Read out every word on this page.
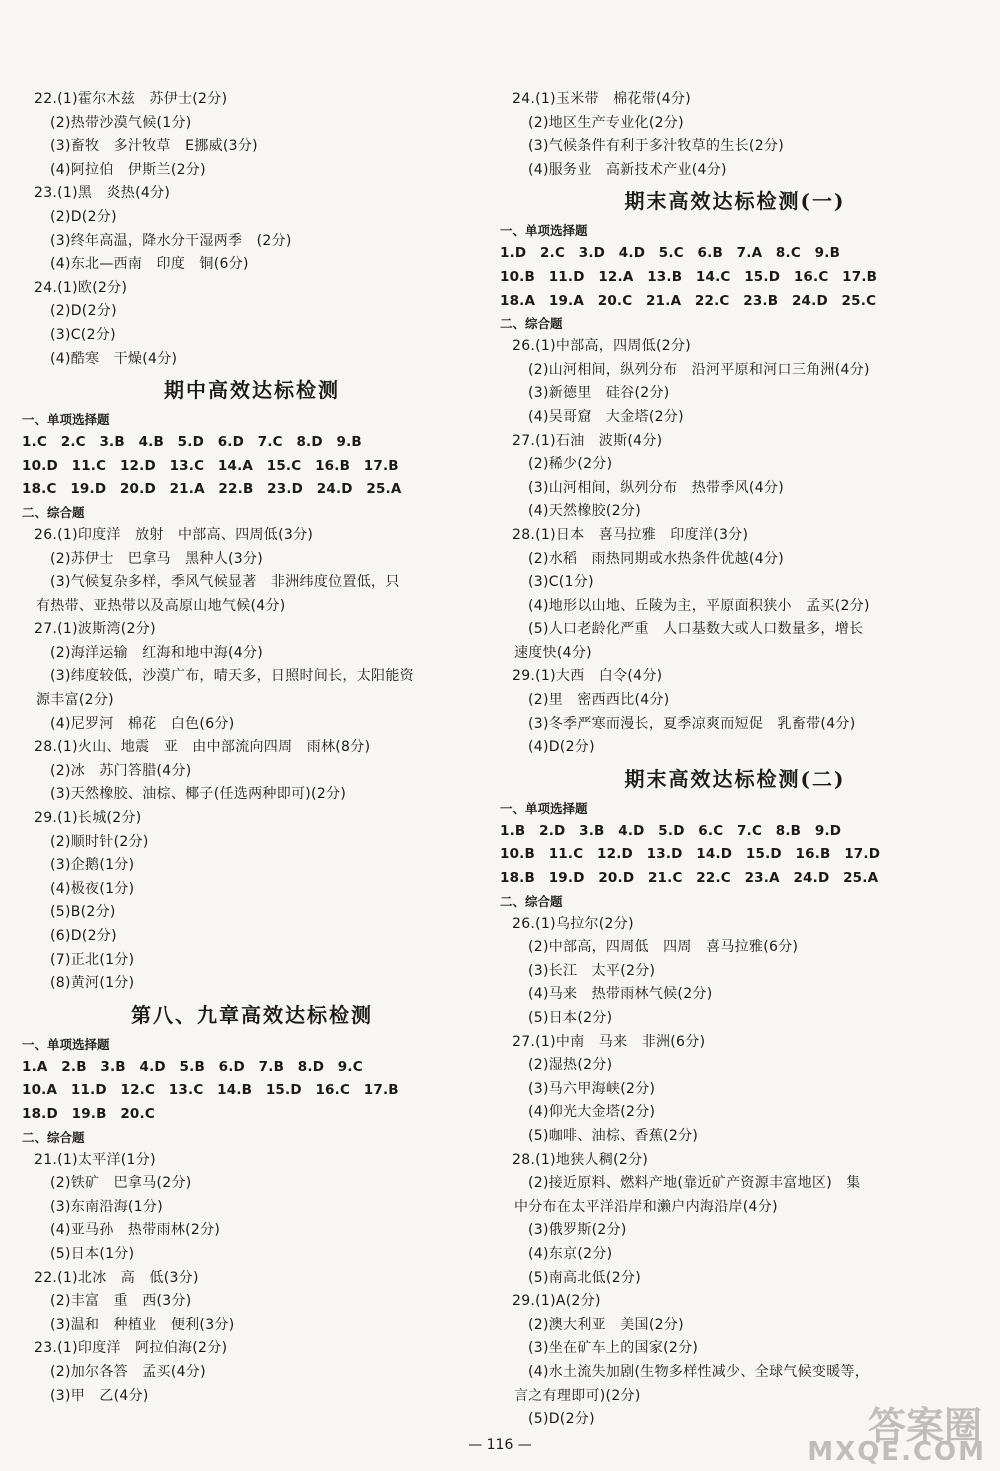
22.(1)霍尔木兹　苏伊士(2分)
(2)热带沙漠气候(1分)
(3)畜牧　多汁牧草　E挪威(3分)
(4)阿拉伯　伊斯兰(2分)
23.(1)黑　炎热(4分)
(2)D(2分)
(3)终年高温，降水分干湿两季　(2分)
(4)东北—西南　印度　铜(6分)
24.(1)欧(2分)
(2)D(2分)
(3)C(2分)
(4)酷寒　干燥(4分)
期中高效达标检测
一、单项选择题
1.C　2.C　3.B　4.B　5.D　6.D　7.C　8.D　9.B
10.D　11.C　12.D　13.C　14.A　15.C　16.B　17.B
18.C　19.D　20.D　21.A　22.B　23.D　24.D　25.A
二、综合题
26.(1)印度洋　放射　中部高、四周低(3分)
(2)苏伊士　巴拿马　黑种人(3分)
(3)气候复杂多样，季风气候显著　非洲纬度位置低，只
有热带、亚热带以及高原山地气候(4分)
27.(1)波斯湾(2分)
(2)海洋运输　红海和地中海(4分)
(3)纬度较低，沙漠广布，晴天多，日照时间长，太阳能资
源丰富(2分)
(4)尼罗河　棉花　白色(6分)
28.(1)火山、地震　亚　由中部流向四周　雨林(8分)
(2)冰　苏门答腊(4分)
(3)天然橡胶、油棕、椰子(任选两种即可)(2分)
29.(1)长城(2分)
(2)顺时针(2分)
(3)企鹅(1分)
(4)极夜(1分)
(5)B(2分)
(6)D(2分)
(7)正北(1分)
(8)黄河(1分)
第八、九章高效达标检测
一、单项选择题
1.A　2.B　3.B　4.D　5.B　6.D　7.B　8.D　9.C
10.A　11.D　12.C　13.C　14.B　15.D　16.C　17.B
18.D　19.B　20.C
二、综合题
21.(1)太平洋(1分)
(2)铁矿　巴拿马(2分)
(3)东南沿海(1分)
(4)亚马孙　热带雨林(2分)
(5)日本(1分)
22.(1)北冰　高　低(3分)
(2)丰富　重　西(3分)
(3)温和　种植业　便利(3分)
23.(1)印度洋　阿拉伯海(2分)
(2)加尔各答　孟买(4分)
(3)甲　乙(4分)
24.(1)玉米带　棉花带(4分)
(2)地区生产专业化(2分)
(3)气候条件有利于多汁牧草的生长(2分)
(4)服务业　高新技术产业(4分)
期末高效达标检测(一)
一、单项选择题
1.D　2.C　3.D　4.D　5.C　6.B　7.A　8.C　9.B
10.B　11.D　12.A　13.B　14.C　15.D　16.C　17.B
18.A　19.A　20.C　21.A　22.C　23.B　24.D　25.C
二、综合题
26.(1)中部高，四周低(2分)
(2)山河相间，纵列分布　沿河平原和河口三角洲(4分)
(3)新德里　硅谷(2分)
(4)吴哥窟　大金塔(2分)
27.(1)石油　波斯(4分)
(2)稀少(2分)
(3)山河相间，纵列分布　热带季风(4分)
(4)天然橡胶(2分)
28.(1)日本　喜马拉雅　印度洋(3分)
(2)水稻　雨热同期或水热条件优越(4分)
(3)C(1分)
(4)地形以山地、丘陵为主，平原面积狭小　孟买(2分)
(5)人口老龄化严重　人口基数大或人口数量多，增长
速度快(4分)
29.(1)大西　白令(4分)
(2)里　密西西比(4分)
(3)冬季严寒而漫长，夏季凉爽而短促　乳畜带(4分)
(4)D(2分)
期末高效达标检测(二)
一、单项选择题
1.B　2.D　3.B　4.D　5.D　6.C　7.C　8.B　9.D
10.B　11.C　12.D　13.D　14.D　15.D　16.B　17.D
18.B　19.D　20.D　21.C　22.C　23.A　24.D　25.A
二、综合题
26.(1)乌拉尔(2分)
(2)中部高，四周低　四周　喜马拉雅(6分)
(3)长江　太平(2分)
(4)马来　热带雨林气候(2分)
(5)日本(2分)
27.(1)中南　马来　非洲(6分)
(2)湿热(2分)
(3)马六甲海峡(2分)
(4)仰光大金塔(2分)
(5)咖啡、油棕、香蕉(2分)
28.(1)地狭人稠(2分)
(2)接近原料、燃料产地(靠近矿产资源丰富地区)　集
中分布在太平洋沿岸和濑户内海沿岸(4分)
(3)俄罗斯(2分)
(4)东京(2分)
(5)南高北低(2分)
29.(1)A(2分)
(2)澳大利亚　美国(2分)
(3)坐在矿车上的国家(2分)
(4)水土流失加剧(生物多样性减少、全球气候变暖等，
言之有理即可)(2分)
(5)D(2分)
— 116 —	答案圈
MXQE.COM
